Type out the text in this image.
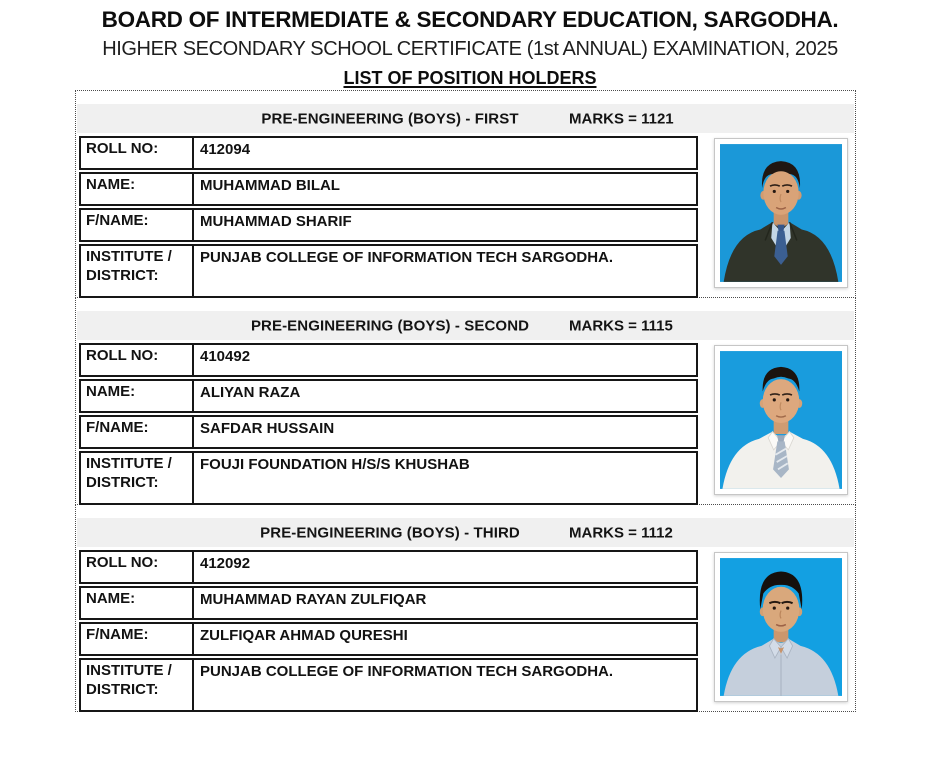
BOARD OF INTERMEDIATE & SECONDARY EDUCATION, SARGODHA.
HIGHER SECONDARY SCHOOL CERTIFICATE (1st ANNUAL) EXAMINATION, 2025
LIST OF POSITION HOLDERS
PRE-ENGINEERING (BOYS) - FIRST	MARKS = 1121
ROLL NO:	412094
NAME:	MUHAMMAD BILAL
F/NAME:	MUHAMMAD SHARIF
INSTITUTE / DISTRICT:
PUNJAB COLLEGE OF INFORMATION TECH SARGODHA.
PRE-ENGINEERING (BOYS) - SECOND	MARKS = 1115
ROLL NO:	410492
NAME:	ALIYAN RAZA
F/NAME:	SAFDAR HUSSAIN
INSTITUTE / DISTRICT:
FOUJI FOUNDATION H/S/S KHUSHAB
PRE-ENGINEERING (BOYS) - THIRD	MARKS = 1112
ROLL NO:	412092
NAME:	MUHAMMAD RAYAN ZULFIQAR
F/NAME:	ZULFIQAR AHMAD QURESHI
INSTITUTE / DISTRICT:
PUNJAB COLLEGE OF INFORMATION TECH SARGODHA.
